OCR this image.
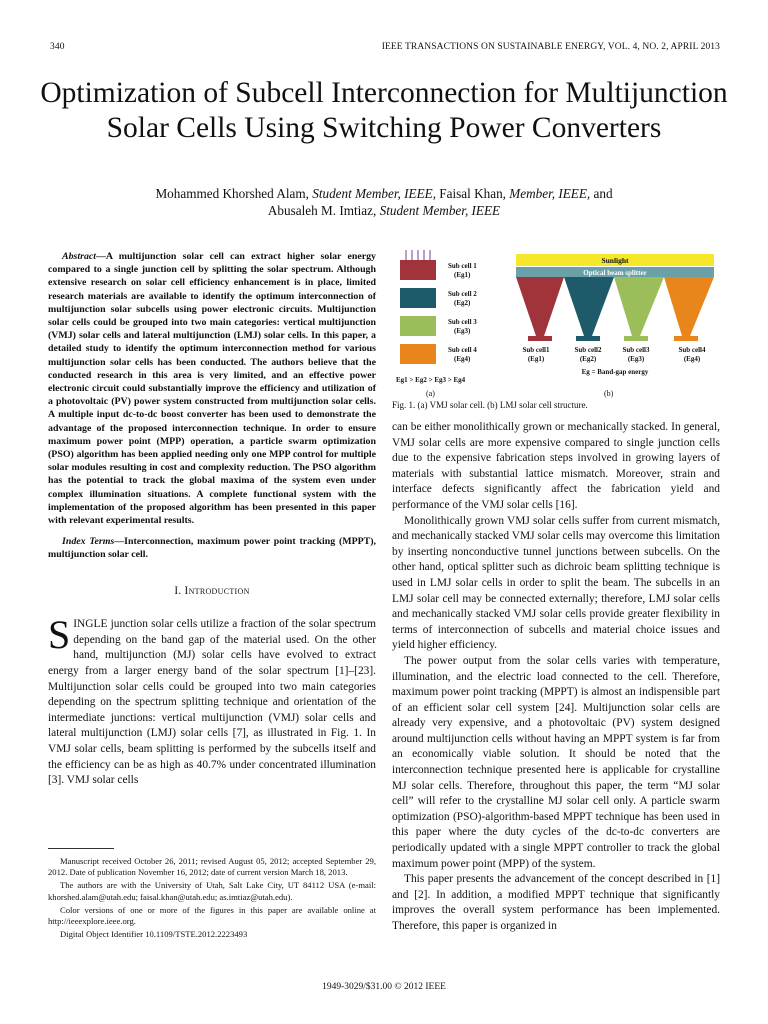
340	IEEE TRANSACTIONS ON SUSTAINABLE ENERGY, VOL. 4, NO. 2, APRIL 2013
Optimization of Subcell Interconnection for Multijunction Solar Cells Using Switching Power Converters
Mohammed Khorshed Alam, Student Member, IEEE, Faisal Khan, Member, IEEE, and
Abusaleh M. Imtiaz, Student Member, IEEE

Abstract—A multijunction solar cell can extract higher solar energy compared to a single junction cell by splitting the solar spectrum. Although extensive research on solar cell efficiency enhancement is in place, limited research materials are available to identify the optimum interconnection of multijunction solar subcells using power electronic circuits. Multijunction solar cells could be grouped into two main categories: vertical multijunction (VMJ) solar cells and lateral multijunction (LMJ) solar cells. In this paper, a detailed study to identify the optimum interconnection method for various multijunction solar cells has been conducted. The authors believe that the conducted research in this area is very limited, and an effective power electronic circuit could substantially improve the efficiency and utilization of a photovoltaic (PV) power system constructed from multijunction solar cells. A multiple input dc-to-dc boost converter has been used to demonstrate the advantage of the proposed interconnection technique. In order to ensure maximum power point (MPP) operation, a particle swarm optimization (PSO) algorithm has been applied needing only one MPP control for multiple solar modules resulting in cost and complexity reduction. The PSO algorithm has the potential to track the global maxima of the system even under complex illumination situations. A complete functional system with the implementation of the proposed algorithm has been presented in this paper with relevant experimental results.

Index Terms—Interconnection, maximum power point tracking (MPPT), multijunction solar cell.

I. Introduction

SINGLE junction solar cells utilize a fraction of the solar spectrum depending on the band gap of the material used. On the other hand, multijunction (MJ) solar cells have evolved to extract energy from a larger energy band of the solar spectrum [1]–[23]. Multijunction solar cells could be grouped into two main categories depending on the spectrum splitting technique and orientation of the intermediate junctions: vertical multijunction (VMJ) solar cells and lateral multijunction (LMJ) solar cells [7], as illustrated in Fig. 1. In VMJ solar cells, beam splitting is performed by the subcells itself and the efficiency can be as high as 40.7% under concentrated illumination [3]. VMJ solar cells

Manuscript received October 26, 2011; revised August 05, 2012; accepted September 29, 2012. Date of publication November 16, 2012; date of current version March 18, 2013.

The authors are with the University of Utah, Salt Lake City, UT 84112 USA (e-mail: khorshed.alam@utah.edu; faisal.khan@utah.edu; as.imtiaz@utah.edu).

Color versions of one or more of the figures in this paper are available online at http://ieeexplore.ieee.org.

Digital Object Identifier 10.1109/TSTE.2012.2223493

Sub cell 1
(Eg1)
Sub cell 2
(Eg2)
Sub cell 3
(Eg3)
Sub cell 4
(Eg4)
Eg1 > Eg2 > Eg3 > Eg4
(a)
Sunlight
Optical beam splitter
Sub cell1
(Eg1)
Sub cell2
(Eg2)
Sub cell3
(Eg3)
Sub cell4
(Eg4)
Eg = Band-gap energy
(b)
Fig. 1. (a) VMJ solar cell. (b) LMJ solar cell structure.

can be either monolithically grown or mechanically stacked. In general, VMJ solar cells are more expensive compared to single junction cells due to the expensive fabrication steps involved in growing layers of materials with substantial lattice mismatch. Moreover, strain and interface defects significantly affect the fabrication yield and performance of the VMJ solar cells [16].

Monolithically grown VMJ solar cells suffer from current mismatch, and mechanically stacked VMJ solar cells may overcome this limitation by inserting nonconductive tunnel junctions between subcells. On the other hand, optical splitter such as dichroic beam splitting technique is used in LMJ solar cells in order to split the beam. The subcells in an LMJ solar cell may be connected externally; therefore, LMJ solar cells and mechanically stacked VMJ solar cells provide greater flexibility in terms of interconnection of subcells and material choice issues and yield higher efficiency.

The power output from the solar cells varies with temperature, illumination, and the electric load connected to the cell. Therefore, maximum power point tracking (MPPT) is almost an indispensible part of an efficient solar cell system [24]. Multijunction solar cells are already very expensive, and a photovoltaic (PV) system designed around multijunction cells without having an MPPT system is far from an economically viable solution. It should be noted that the interconnection technique presented here is applicable for crystalline MJ solar cells. Therefore, throughout this paper, the term “MJ solar cell” will refer to the crystalline MJ solar cell only. A particle swarm optimization (PSO)-algorithm-based MPPT technique has been used in this paper where the duty cycles of the dc-to-dc converters are periodically updated with a single MPPT controller to track the global maximum power point (MPP) of the system.

This paper presents the advancement of the concept described in [1] and [2]. In addition, a modified MPPT technique that significantly improves the overall system performance has been implemented. Therefore, this paper is organized in

1949-3029/$31.00 © 2012 IEEE
